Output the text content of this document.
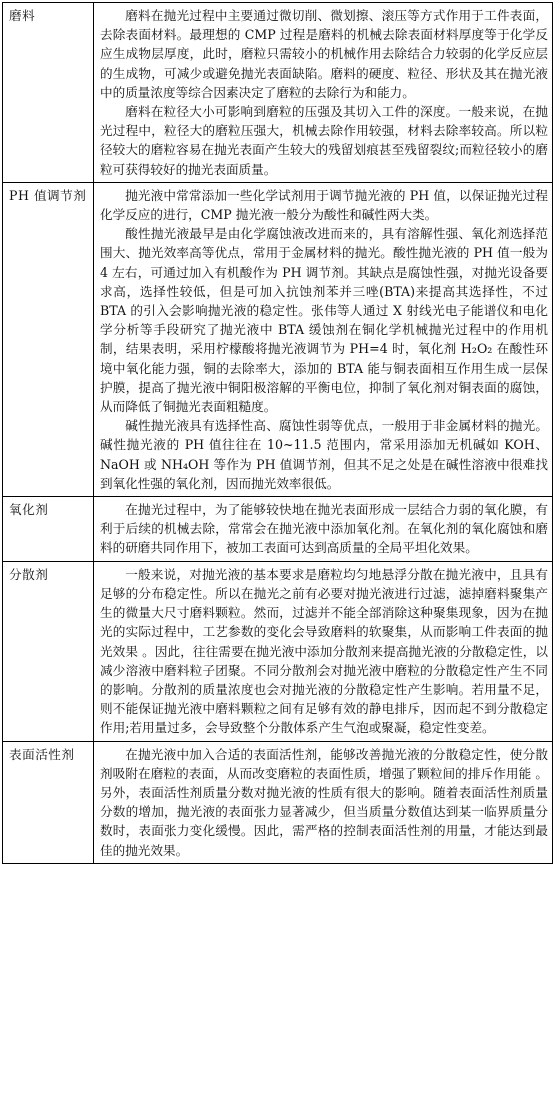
磨料	磨料在抛光过程中主要通过微切削、微划擦、滚压等方式作用于工件表面，去除表面材料。最理想的 CMP 过程是磨料的机械去除表面材料厚度等于化学反应生成物层厚度，此时，磨粒只需较小的机械作用去除结合力较弱的化学反应层的生成物，可减少或避免抛光表面缺陷。磨料的硬度、粒径、形状及其在抛光液中的质量浓度等综合因素决定了磨粒的去除行为和能力。

磨料在粒径大小可影响到磨粒的压强及其切入工件的深度。一般来说，在抛光过程中，粒径大的磨粒压强大，机械去除作用较强，材料去除率较高。所以粒径较大的磨粒容易在抛光表面产生较大的残留划痕甚至残留裂纹;而粒径较小的磨粒可获得较好的抛光表面质量。

PH 值调节剂	抛光液中常常添加一些化学试剂用于调节抛光液的 PH 值，以保证抛光过程化学反应的进行，CMP 抛光液一般分为酸性和碱性两大类。

酸性抛光液最早是由化学腐蚀液改进而来的，具有溶解性强、氧化剂选择范围大、抛光效率高等优点，常用于金属材料的抛光。酸性抛光液的 PH 值一般为 4 左右，可通过加入有机酸作为 PH 调节剂。其缺点是腐蚀性强，对抛光设备要求高，选择性较低，但是可加入抗蚀剂苯并三唑(BTA)来提高其选择性，不过 BTA 的引入会影响抛光液的稳定性。张伟等人通过 X 射线光电子能谱仪和电化学分析等手段研究了抛光液中 BTA 缓蚀剂在铜化学机械抛光过程中的作用机制，结果表明，采用柠檬酸将抛光液调节为 PH=4 时，氧化剂 H₂O₂ 在酸性环境中氧化能力强，铜的去除率大，添加的 BTA 能与铜表面相互作用生成一层保护膜，提高了抛光液中铜阳极溶解的平衡电位，抑制了氧化剂对铜表面的腐蚀，从而降低了铜抛光表面粗糙度。

碱性抛光液具有选择性高、腐蚀性弱等优点，一般用于非金属材料的抛光。碱性抛光液的 PH 值往往在 10~11.5 范围内，常采用添加无机碱如 KOH、 NaOH 或 NH₄OH 等作为 PH 值调节剂，但其不足之处是在碱性溶液中很难找到氧化性强的氧化剂，因而抛光效率很低。

氧化剂	在抛光过程中，为了能够较快地在抛光表面形成一层结合力弱的氧化膜，有利于后续的机械去除，常常会在抛光液中添加氧化剂。在氧化剂的氧化腐蚀和磨料的研磨共同作用下，被加工表面可达到高质量的全局平坦化效果。

分散剂	一般来说，对抛光液的基本要求是磨粒均匀地悬浮分散在抛光液中，且具有足够的分布稳定性。所以在抛光之前有必要对抛光液进行过滤，滤掉磨料聚集产生的微量大尺寸磨料颗粒。然而，过滤并不能全部消除这种聚集现象，因为在抛光的实际过程中，工艺参数的变化会导致磨料的软聚集，从而影响工件表面的抛光效果 。因此，往往需要在抛光液中添加分散剂来提高抛光液的分散稳定性，以减少溶液中磨料粒子团聚。不同分散剂会对抛光液中磨粒的分散稳定性产生不同的影响。分散剂的质量浓度也会对抛光液的分散稳定性产生影响。若用量不足，则不能保证抛光液中磨料颗粒之间有足够有效的静电排斥，因而起不到分散稳定作用;若用量过多，会导致整个分散体系产生气泡或聚凝，稳定性变差。

表面活性剂	在抛光液中加入合适的表面活性剂，能够改善抛光液的分散稳定性，使分散剂吸附在磨粒的表面，从而改变磨粒的表面性质，增强了颗粒间的排斥作用能 。另外，表面活性剂质量分数对抛光液的性质有很大的影响。随着表面活性剂质量分数的增加，抛光液的表面张力显著减少，但当质量分数值达到某一临界质量分数时，表面张力变化缓慢。因此，需严格的控制表面活性剂的用量，才能达到最佳的抛光效果。
